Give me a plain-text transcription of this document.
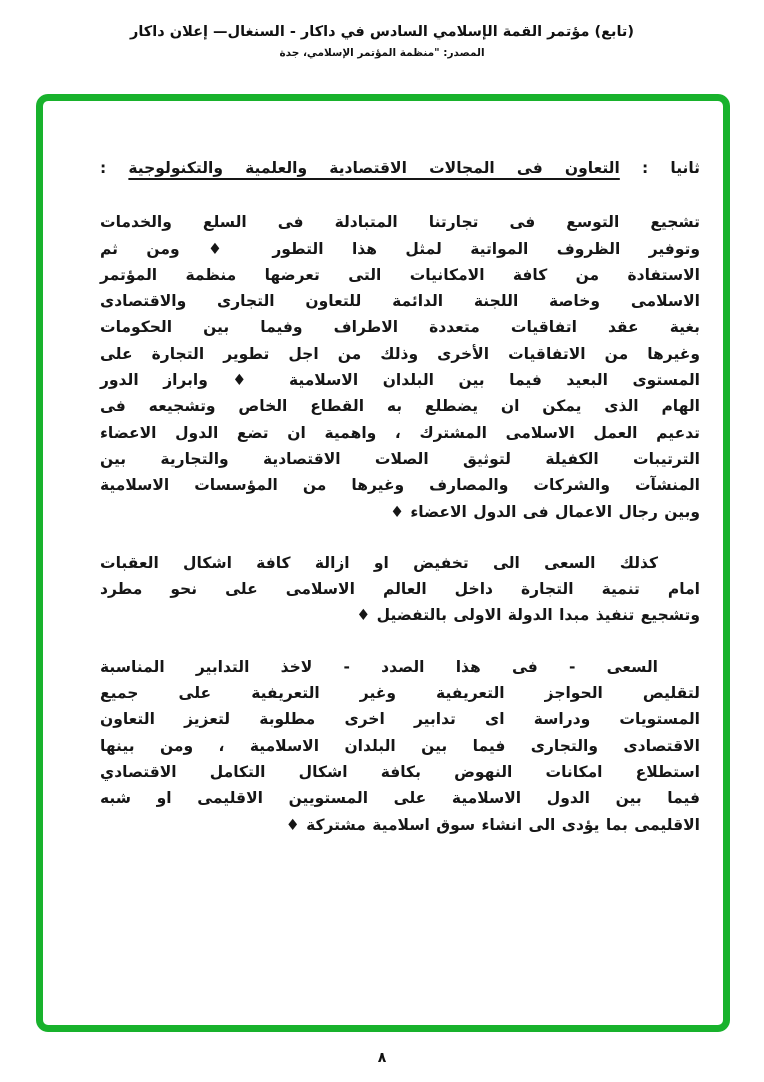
(تابع) مؤتمر القمة الإسلامي السادس في داكار - السنغال— إعلان داكار
المصدر: "منظمة المؤتمر الإسلامي، جدة
ثانيا : التعاون فى المجالات الاقتصادية والعلمية والتكنولوجية :
تشجيع التوسع فى تجارتنا المتبادلة فى السلع والخدمات
وتوفير الظروف المواتية لمثل هذا التطور ♦ ومن ثم
الاستفادة من كافة الامكانيات التى تعرضها منظمة المؤتمر
الاسلامى وخاصة اللجنة الدائمة للتعاون التجارى والاقتصادى
بغية عقد اتفاقيات متعددة الاطراف وفيما بين الحكومات
وغيرها من الاتفاقيات الأخرى وذلك من اجل تطوير التجارة على
المستوى البعيد فيما بين البلدان الاسلامية ♦ وابراز الدور
الهام الذى يمكن ان يضطلع به القطاع الخاص وتشجيعه فى
تدعيم العمل الاسلامى المشترك ، واهمية ان تضع الدول الاعضاء
الترتيبات الكفيلة لتوثيق الصلات الاقتصادية والتجارية بين
المنشآت والشركات والمصارف وغيرها من المؤسسات الاسلامية
وبين رجال الاعمال فى الدول الاعضاء ♦
كذلك السعى الى تخفيض او ازالة كافة اشكال العقبات
امام تنمية التجارة داخل العالم الاسلامى على نحو مطرد
وتشجيع تنفيذ مبدا الدولة الاولى بالتفضيل ♦
السعى - فى هذا الصدد - لاخذ التدابير المناسبة
لتقليص الحواجز التعريفية وغير التعريفية على جميع
المستويات ودراسة اى تدابير اخرى مطلوبة لتعزيز التعاون
الاقتصادى والتجارى فيما بين البلدان الاسلامية ، ومن بينها
استطلاع امكانات النهوض بكافة اشكال التكامل الاقتصادي
فيما بين الدول الاسلامية على المستويين الاقليمى او شبه
الاقليمى بما يؤدى الى انشاء سوق اسلامية مشتركة ♦
٨
